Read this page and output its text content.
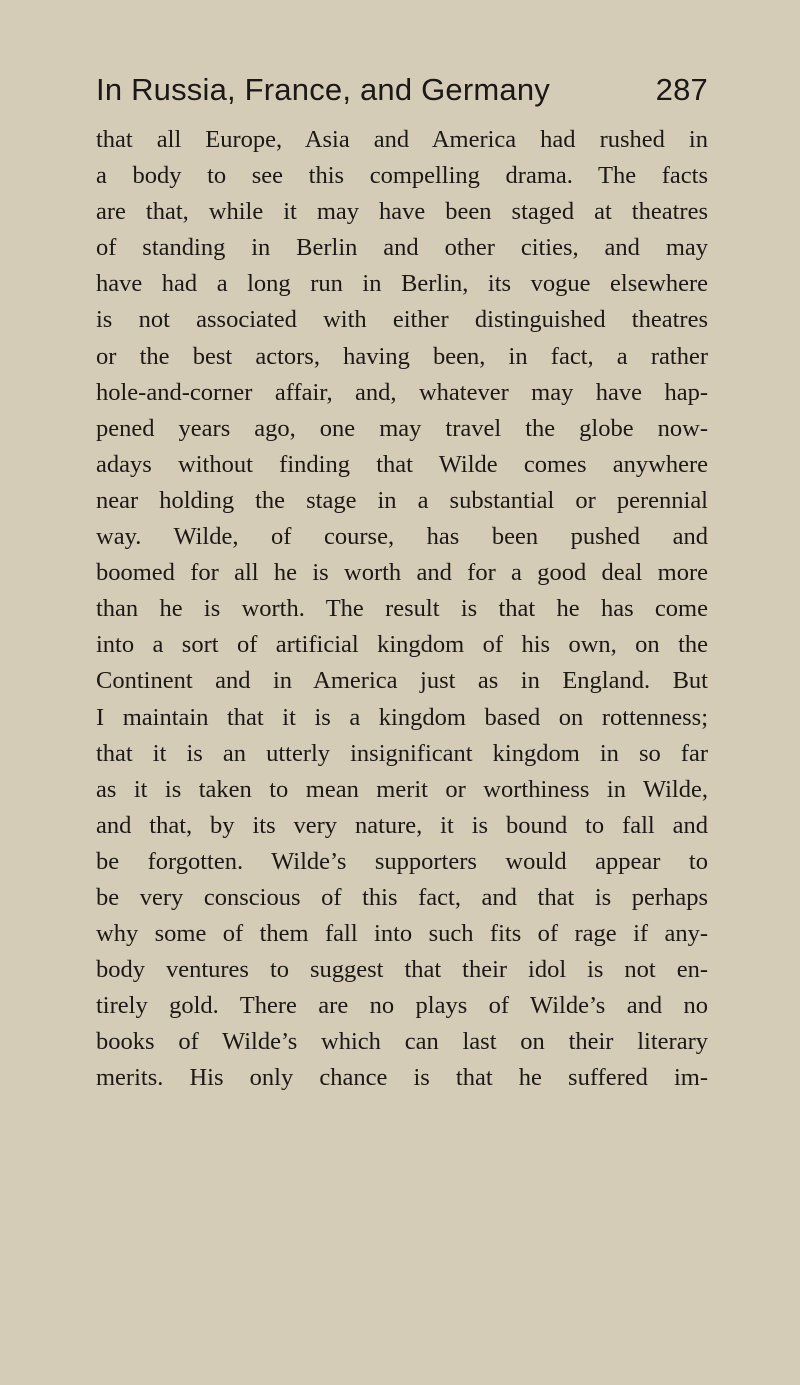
In Russia, France, and Germany	287
that all Europe, Asia and America had rushed in
a body to see this compelling drama. The facts
are that, while it may have been staged at theatres
of standing in Berlin and other cities, and may
have had a long run in Berlin, its vogue elsewhere
is not associated with either distinguished theatres
or the best actors, having been, in fact, a rather
hole-and-corner affair, and, whatever may have hap-
pened years ago, one may travel the globe now-
adays without finding that Wilde comes anywhere
near holding the stage in a substantial or perennial
way. Wilde, of course, has been pushed and
boomed for all he is worth and for a good deal more
than he is worth. The result is that he has come
into a sort of artificial kingdom of his own, on the
Continent and in America just as in England. But
I maintain that it is a kingdom based on rottenness;
that it is an utterly insignificant kingdom in so far
as it is taken to mean merit or worthiness in Wilde,
and that, by its very nature, it is bound to fall and
be forgotten. Wilde’s supporters would appear to
be very conscious of this fact, and that is perhaps
why some of them fall into such fits of rage if any-
body ventures to suggest that their idol is not en-
tirely gold. There are no plays of Wilde’s and no
books of Wilde’s which can last on their literary
merits. His only chance is that he suffered im-
